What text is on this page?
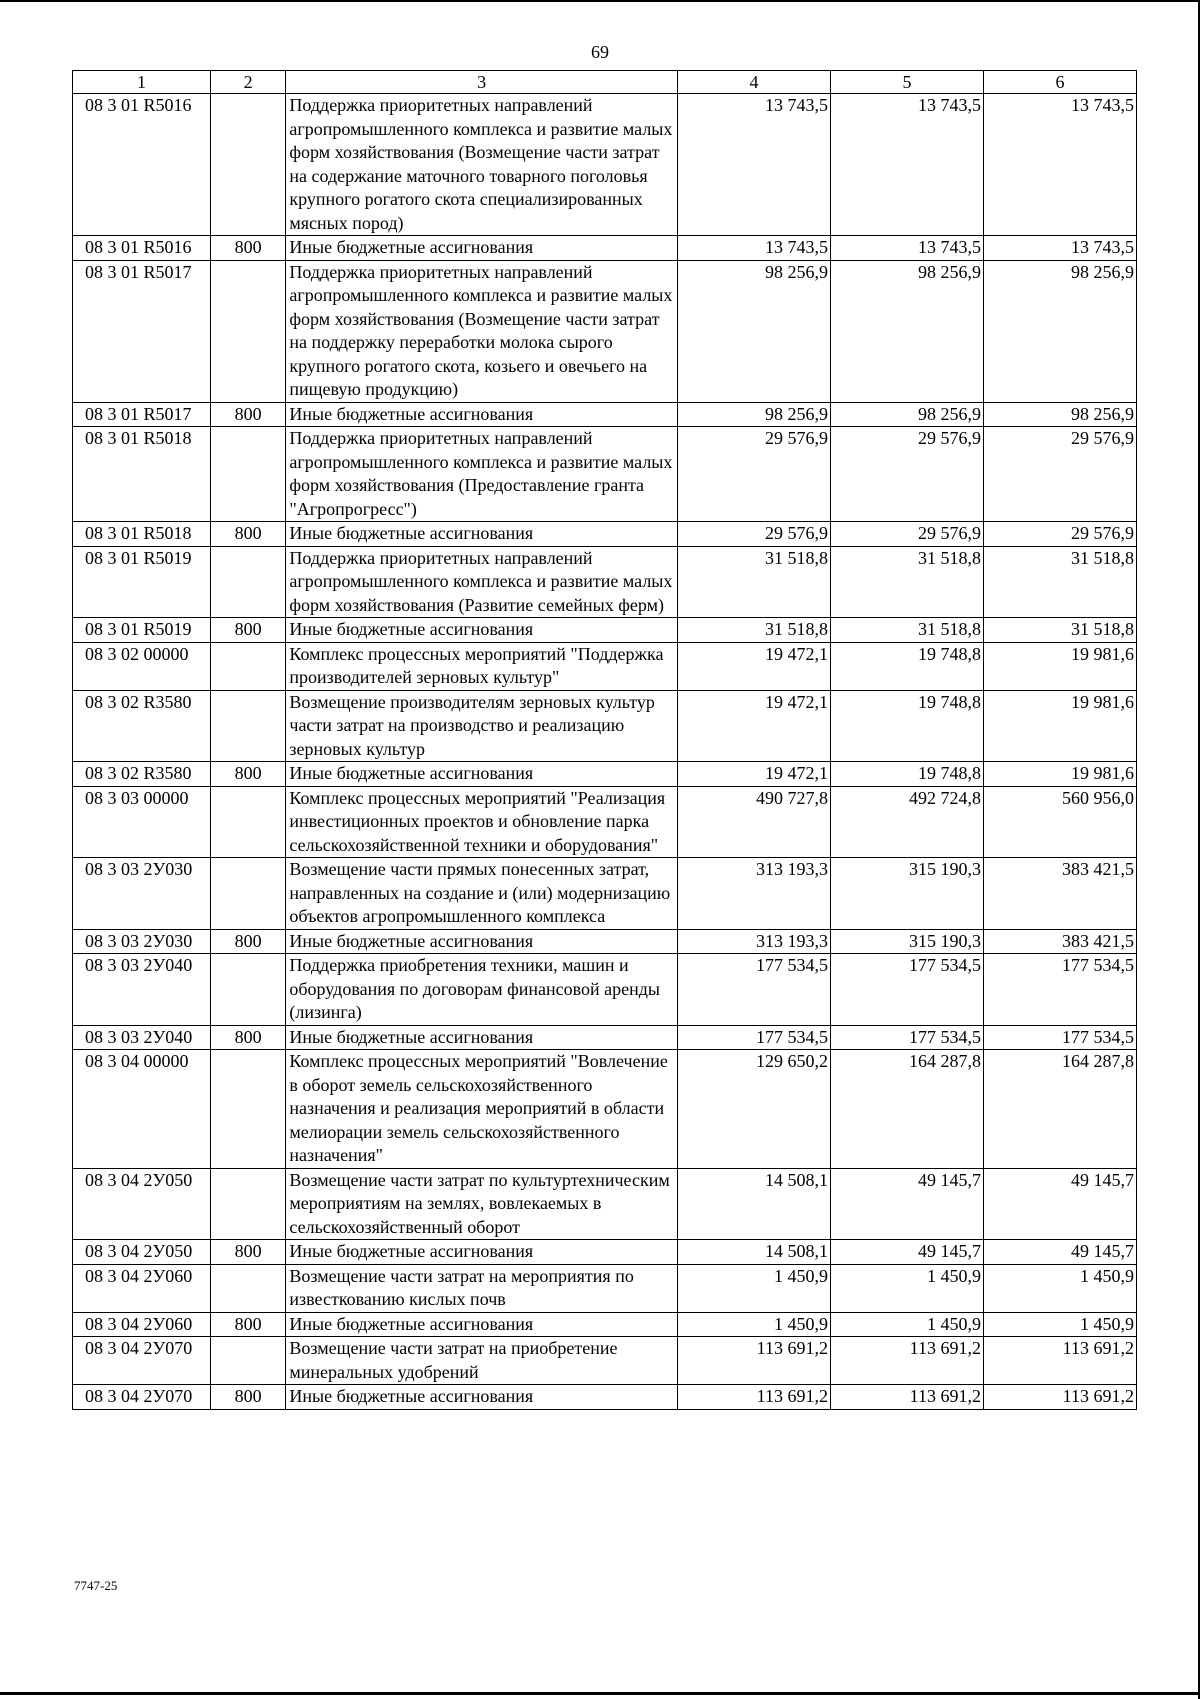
69
1	2	3	4	5	6
08 3 01 R5016		Поддержка приоритетных направлений агропромышленного комплекса и развитие малых форм хозяйствования (Возмещение части затрат на содержание маточного товарного поголовья крупного рогатого скота специализированных мясных пород)	13 743,5	13 743,5	13 743,5
08 3 01 R5016	800	Иные бюджетные ассигнования	13 743,5	13 743,5	13 743,5
08 3 01 R5017		Поддержка приоритетных направлений агропромышленного комплекса и развитие малых форм хозяйствования (Возмещение части затрат на поддержку переработки молока сырого крупного рогатого скота, козьего и овечьего на пищевую продукцию)	98 256,9	98 256,9	98 256,9
08 3 01 R5017	800	Иные бюджетные ассигнования	98 256,9	98 256,9	98 256,9
08 3 01 R5018		Поддержка приоритетных направлений агропромышленного комплекса и развитие малых форм хозяйствования (Предоставление гранта "Агропрогресс")	29 576,9	29 576,9	29 576,9
08 3 01 R5018	800	Иные бюджетные ассигнования	29 576,9	29 576,9	29 576,9
08 3 01 R5019		Поддержка приоритетных направлений агропромышленного комплекса и развитие малых форм хозяйствования (Развитие семейных ферм)	31 518,8	31 518,8	31 518,8
08 3 01 R5019	800	Иные бюджетные ассигнования	31 518,8	31 518,8	31 518,8
08 3 02 00000		Комплекс процессных мероприятий "Поддержка производителей зерновых культур"	19 472,1	19 748,8	19 981,6
08 3 02 R3580		Возмещение производителям зерновых культур части затрат на производство и реализацию зерновых культур	19 472,1	19 748,8	19 981,6
08 3 02 R3580	800	Иные бюджетные ассигнования	19 472,1	19 748,8	19 981,6
08 3 03 00000		Комплекс процессных мероприятий "Реализация инвестиционных проектов и обновление парка сельскохозяйственной техники и оборудования"	490 727,8	492 724,8	560 956,0
08 3 03 2У030		Возмещение части прямых понесенных затрат, направленных на создание и (или) модернизацию объектов агропромышленного комплекса	313 193,3	315 190,3	383 421,5
08 3 03 2У030	800	Иные бюджетные ассигнования	313 193,3	315 190,3	383 421,5
08 3 03 2У040		Поддержка приобретения техники, машин и оборудования по договорам финансовой аренды (лизинга)	177 534,5	177 534,5	177 534,5
08 3 03 2У040	800	Иные бюджетные ассигнования	177 534,5	177 534,5	177 534,5
08 3 04 00000		Комплекс процессных мероприятий "Вовлечение в оборот земель сельскохозяйственного назначения и реализация мероприятий в области мелиорации земель сельскохозяйственного назначения"	129 650,2	164 287,8	164 287,8
08 3 04 2У050		Возмещение части затрат по культуртехническим мероприятиям на землях, вовлекаемых в сельскохозяйственный оборот	14 508,1	49 145,7	49 145,7
08 3 04 2У050	800	Иные бюджетные ассигнования	14 508,1	49 145,7	49 145,7
08 3 04 2У060		Возмещение части затрат на мероприятия по известкованию кислых почв	1 450,9	1 450,9	1 450,9
08 3 04 2У060	800	Иные бюджетные ассигнования	1 450,9	1 450,9	1 450,9
08 3 04 2У070		Возмещение части затрат на приобретение минеральных удобрений	113 691,2	113 691,2	113 691,2
08 3 04 2У070	800	Иные бюджетные ассигнования	113 691,2	113 691,2	113 691,2
7747-25
